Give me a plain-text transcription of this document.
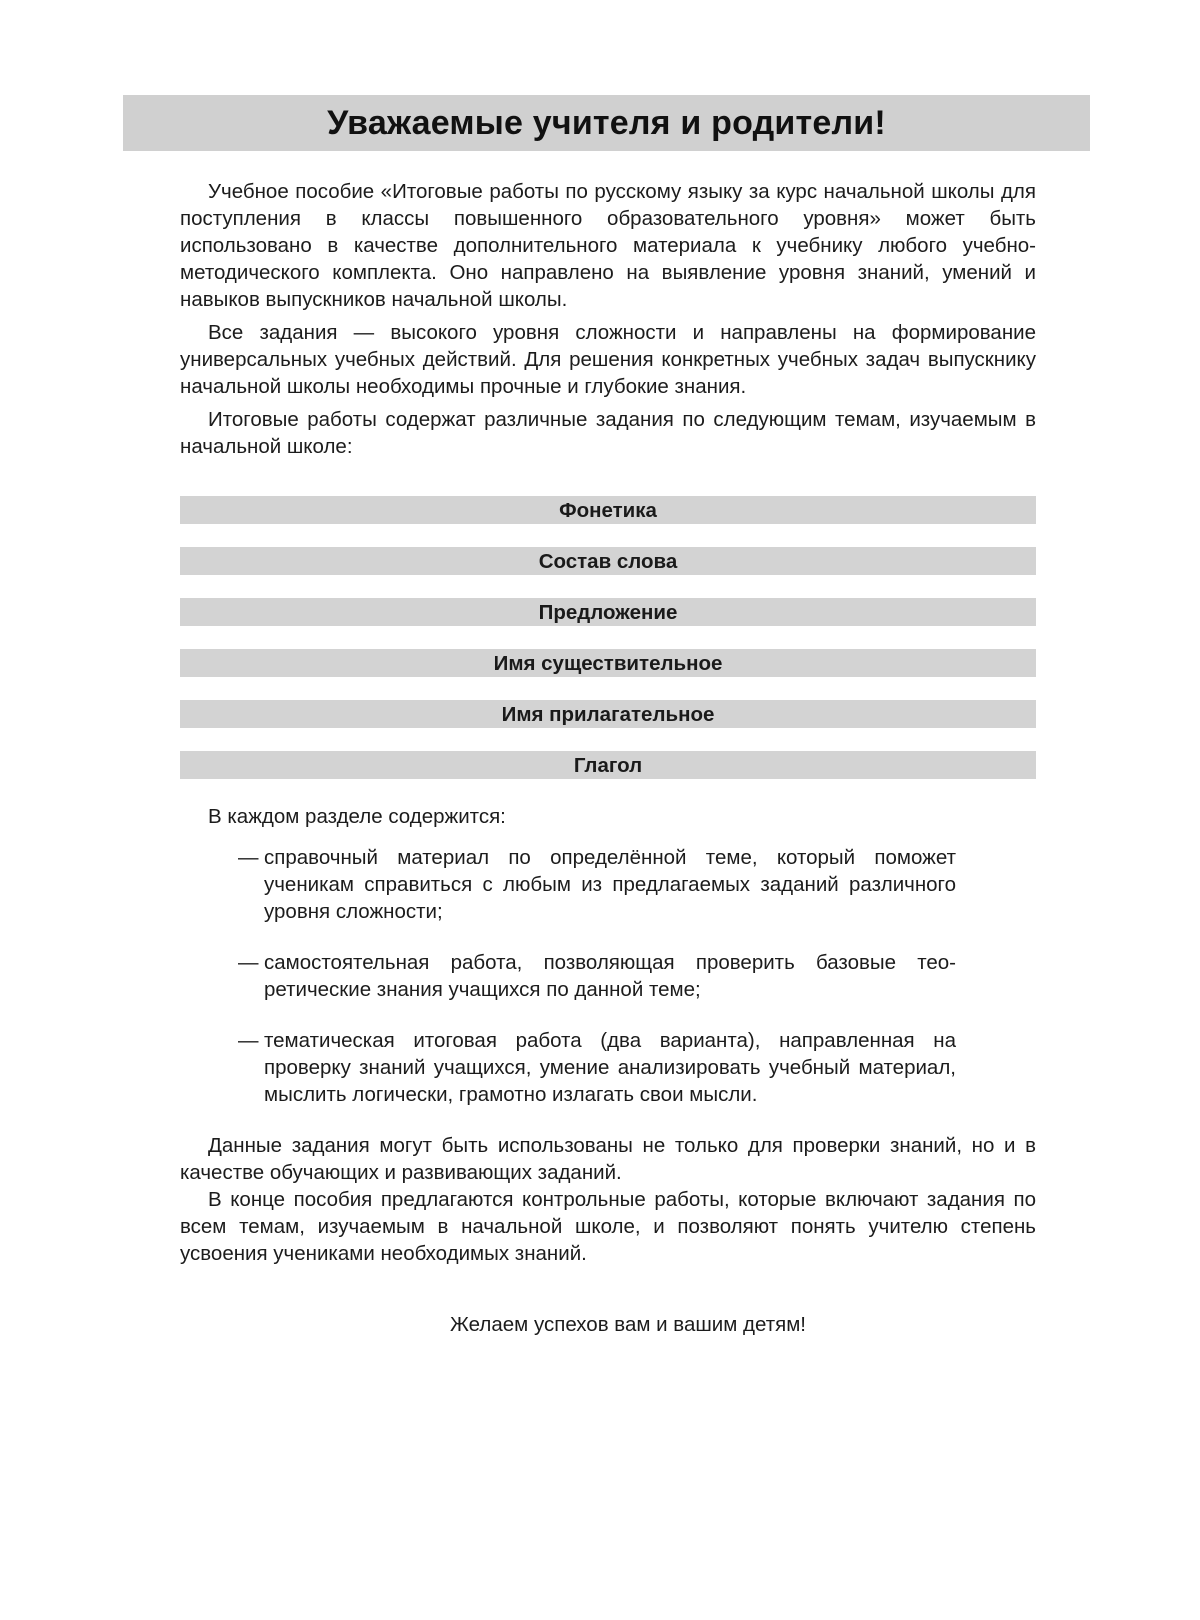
Уважаемые учителя и родители!

Учебное пособие «Итоговые работы по русскому языку за курс начальной школы для поступления в классы повышенного образовательного уровня» может быть использовано в качестве дополнительного материала к учебнику любого учебно-методического комплекта. Оно направлено на выявление уровня знаний, умений и навыков выпускников начальной школы.

Все задания — высокого уровня сложности и направлены на формирование универсальных учебных действий. Для решения конкретных учебных задач выпускнику начальной школы необходимы прочные и глубокие знания.

Итоговые работы содержат различные задания по следующим темам, изучаемым в начальной школе:

Фонетика
Состав слова
Предложение
Имя существительное
Имя прилагательное
Глагол

В каждом разделе содержится:

— справочный материал по определённой теме, который поможет ученикам справиться с любым из предлагаемых заданий различного уровня сложности;
— самостоятельная работа, позволяющая проверить базовые теоретические знания учащихся по данной теме;
— тематическая итоговая работа (два варианта), направленная на проверку знаний учащихся, умение анализировать учебный материал, мыслить логически, грамотно излагать свои мысли.

Данные задания могут быть использованы не только для проверки знаний, но и в качестве обучающих и развивающих заданий.

В конце пособия предлагаются контрольные работы, которые включают задания по всем темам, изучаемым в начальной школе, и позволяют понять учителю степень усвоения учениками необходимых знаний.

Желаем успехов вам и вашим детям!
